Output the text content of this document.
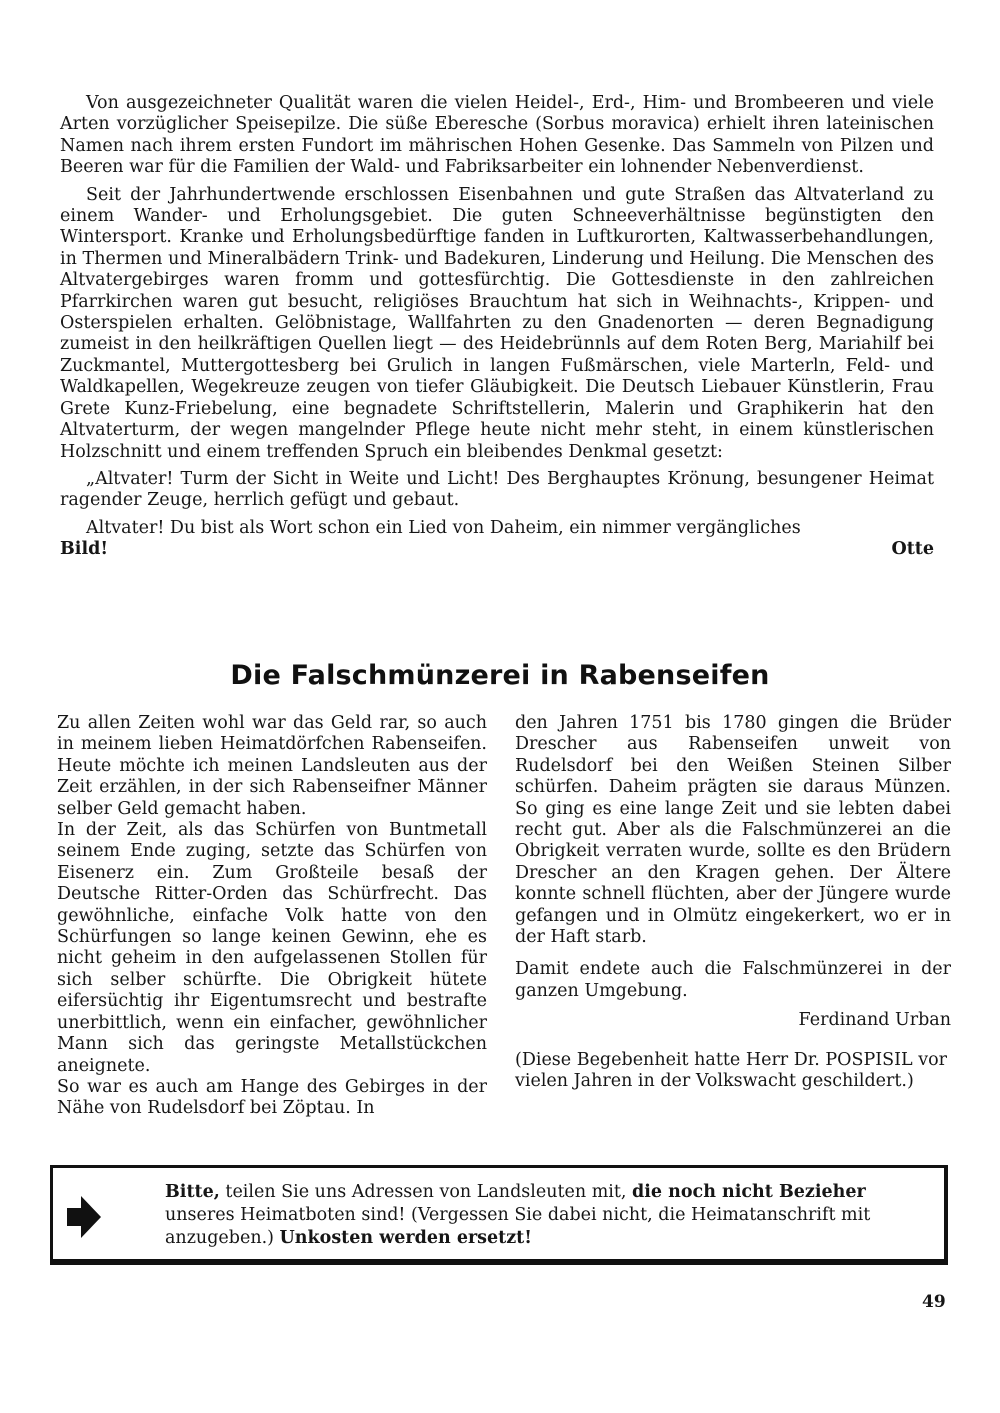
Von ausgezeichneter Qualität waren die vielen Heidel-, Erd-, Him- und Brombeeren und viele Arten vorzüglicher Speisepilze. Die süße Eberesche (Sorbus moravica) erhielt ihren lateinischen Namen nach ihrem ersten Fundort im mährischen Hohen Gesenke. Das Sammeln von Pilzen und Beeren war für die Familien der Wald- und Fabriksarbeiter ein lohnender Nebenverdienst.

Seit der Jahrhundertwende erschlossen Eisenbahnen und gute Straßen das Altvaterland zu einem Wander- und Erholungsgebiet. Die guten Schneeverhältnisse begünstigten den Wintersport. Kranke und Erholungsbedürftige fanden in Luftkurorten, Kaltwasserbehandlungen, in Thermen und Mineralbädern Trink- und Badekuren, Linderung und Heilung. Die Menschen des Altvatergebirges waren fromm und gottesfürchtig. Die Gottesdienste in den zahlreichen Pfarrkirchen waren gut besucht, religiöses Brauchtum hat sich in Weihnachts-, Krippen- und Osterspielen erhalten. Gelöbnistage, Wallfahrten zu den Gnadenorten — deren Begnadigung zumeist in den heilkräftigen Quellen liegt — des Heidebrünnls auf dem Roten Berg, Mariahilf bei Zuckmantel, Muttergottesberg bei Grulich in langen Fußmärschen, viele Marterln, Feld- und Waldkapellen, Wegekreuze zeugen von tiefer Gläubigkeit. Die Deutsch Liebauer Künstlerin, Frau Grete Kunz-Friebelung, eine begnadete Schriftstellerin, Malerin und Graphikerin hat den Altvaterturm, der wegen mangelnder Pflege heute nicht mehr steht, in einem künstlerischen Holzschnitt und einem treffenden Spruch ein bleibendes Denkmal gesetzt:

„Altvater! Turm der Sicht in Weite und Licht! Des Berghauptes Krönung, besungener Heimat ragender Zeuge, herrlich gefügt und gebaut.

Altvater! Du bist als Wort schon ein Lied von Daheim, ein nimmer vergängliches

Bild!	Otte
Die Falschmünzerei in Rabenseifen

Zu allen Zeiten wohl war das Geld rar, so auch in meinem lieben Heimatdörfchen Rabenseifen. Heute möchte ich meinen Landsleuten aus der Zeit erzählen, in der sich Rabenseifner Männer selber Geld gemacht haben.

In der Zeit, als das Schürfen von Buntmetall seinem Ende zuging, setzte das Schürfen von Eisenerz ein. Zum Großteile besaß der Deutsche Ritter-Orden das Schürfrecht. Das gewöhnliche, einfache Volk hatte von den Schürfungen so lange keinen Gewinn, ehe es nicht geheim in den aufgelassenen Stollen für sich selber schürfte. Die Obrigkeit hütete eifersüchtig ihr Eigentumsrecht und bestrafte unerbittlich, wenn ein einfacher, gewöhnlicher Mann sich das geringste Metallstückchen aneignete.

So war es auch am Hange des Gebirges in der Nähe von Rudelsdorf bei Zöptau. In

den Jahren 1751 bis 1780 gingen die Brüder Drescher aus Rabenseifen unweit von Rudelsdorf bei den Weißen Steinen Silber schürfen. Daheim prägten sie daraus Münzen. So ging es eine lange Zeit und sie lebten dabei recht gut. Aber als die Falschmünzerei an die Obrigkeit verraten wurde, sollte es den Brüdern Drescher an den Kragen gehen. Der Ältere konnte schnell flüchten, aber der Jüngere wurde gefangen und in Olmütz eingekerkert, wo er in der Haft starb.

Damit endete auch die Falschmünzerei in der ganzen Umgebung.

Ferdinand Urban

(Diese Begebenheit hatte Herr Dr. POSPISIL vor vielen Jahren in der Volkswacht geschildert.)

Bitte, teilen Sie uns Adressen von Landsleuten mit, die noch nicht Bezieher unseres Heimatboten sind! (Vergessen Sie dabei nicht, die Heimatanschrift mit anzugeben.) Unkosten werden ersetzt!
49
